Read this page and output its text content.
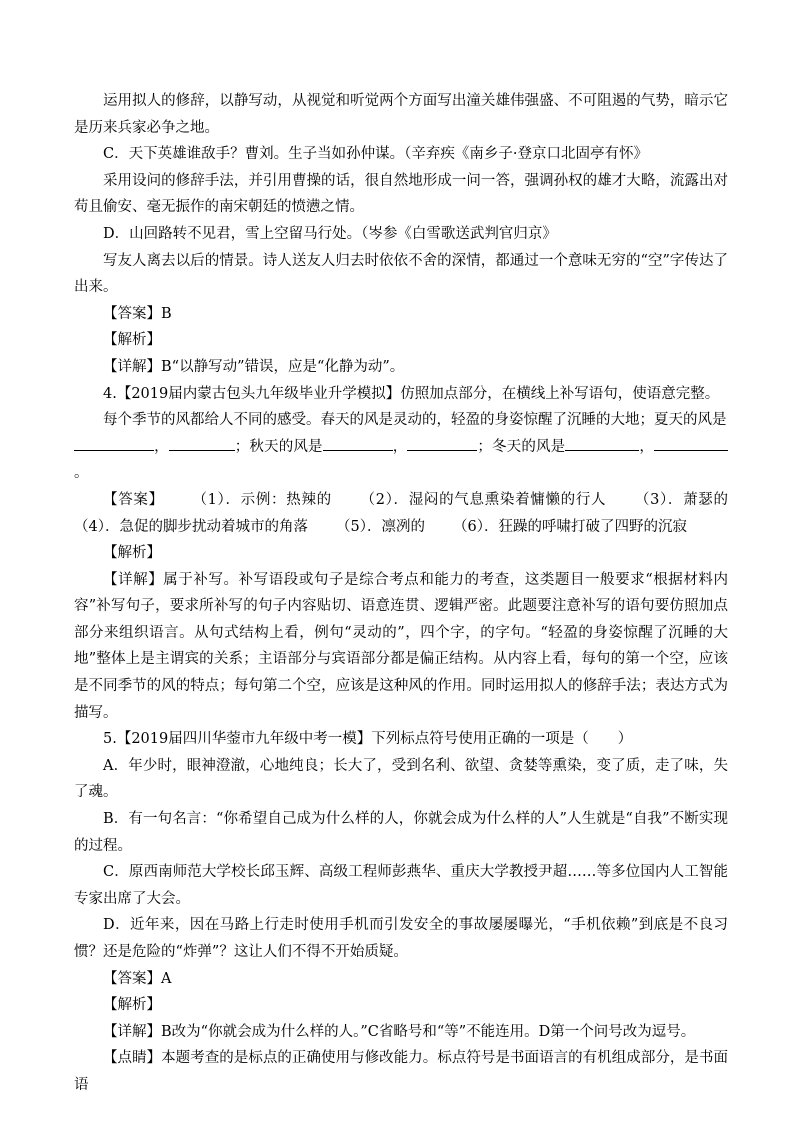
运用拟人的修辞，以静写动，从视觉和听觉两个方面写出潼关雄伟强盛、不可阻遏的气势，暗示它是历来兵家必争之地。

C．天下英雄谁敌手？曹刘。生子当如孙仲谋。（辛弃疾《南乡子·登京口北固亭有怀》

采用设问的修辞手法，并引用曹操的话，很自然地形成一问一答，强调孙权的雄才大略，流露出对苟且偷安、毫无振作的南宋朝廷的愤懑之情。

D．山回路转不见君，雪上空留马行处。（岑参《白雪歌送武判官归京》

写友人离去以后的情景。诗人送友人归去时依依不舍的深情，都通过一个意味无穷的“空”字传达了出来。

【答案】B

【解析】

【详解】B“以静写动”错误，应是“化静为动”。

4.【2019届内蒙古包头九年级毕业升学模拟】仿照加点部分，在横线上补写语句，使语意完整。

每个季节的风都给人不同的感受。春天的风是灵动的，轻盈的身姿惊醒了沉睡的大地；夏天的风是

，	；秋天的风是	，	；冬天的风是	，。

【答案】 （1）．示例：热辣的 （2）．湿闷的气息熏染着慵懒的行人 （3）．萧瑟的（4）．急促的脚步扰动着城市的角落 （5）．凛冽的 （6）．狂躁的呼啸打破了四野的沉寂

【解析】

【详解】属于补写。补写语段或句子是综合考点和能力的考查，这类题目一般要求“根据材料内容”补写句子，要求所补写的句子内容贴切、语意连贯、逻辑严密。此题要注意补写的语句要仿照加点部分来组织语言。从句式结构上看，例句“灵动的”，四个字，的字句。“轻盈的身姿惊醒了沉睡的大地”整体上是主谓宾的关系；主语部分与宾语部分都是偏正结构。从内容上看，每句的第一个空，应该是不同季节的风的特点；每句第二个空，应该是这种风的作用。同时运用拟人的修辞手法；表达方式为描写。

5.【2019届四川华蓥市九年级中考一模】下列标点符号使用正确的一项是（　　）

A．年少时，眼神澄澈，心地纯良；长大了，受到名利、欲望、贪婪等熏染，变了质，走了味，失了魂。

B．有一句名言：“你希望自己成为什么样的人，你就会成为什么样的人”人生就是“自我”不断实现的过程。

C．原西南师范大学校长邱玉辉、高级工程师彭燕华、重庆大学教授尹超……等多位国内人工智能专家出席了大会。

D．近年来，因在马路上行走时使用手机而引发安全的事故屡屡曝光，“手机依赖”到底是不良习惯？还是危险的“炸弹”？这让人们不得不开始质疑。

【答案】A

【解析】

【详解】B改为“你就会成为什么样的人。”C省略号和“等”不能连用。D第一个问号改为逗号。

【点睛】本题考查的是标点的正确使用与修改能力。标点符号是书面语言的有机组成部分，是书面语
